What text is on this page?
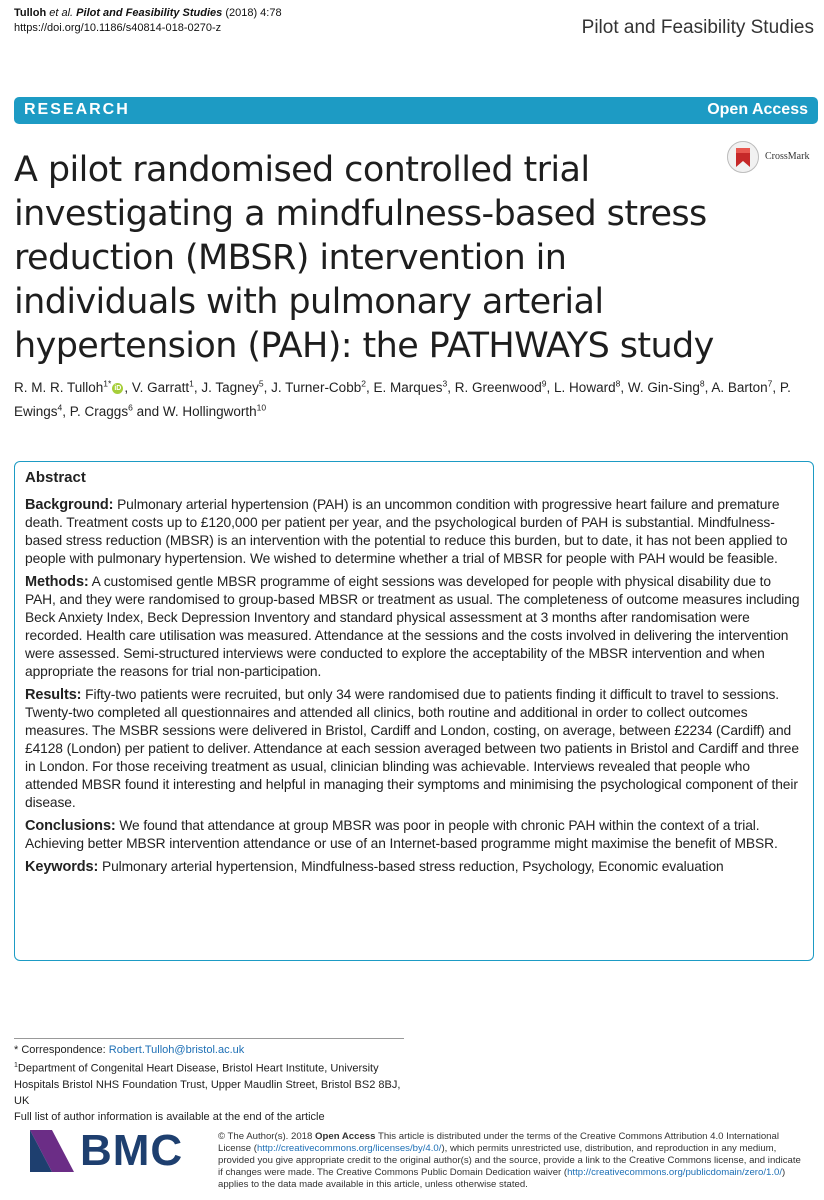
Tulloh et al. Pilot and Feasibility Studies (2018) 4:78
https://doi.org/10.1186/s40814-018-0270-z	Pilot and Feasibility Studies
RESEARCH	Open Access
CrossMark
A pilot randomised controlled trial investigating a mindfulness-based stress reduction (MBSR) intervention in individuals with pulmonary arterial hypertension (PAH): the PATHWAYS study
R. M. R. Tulloh$^{1*}$ iD , V. Garratt$^1$, J. Tagney$^5$, J. Turner-Cobb$^2$, E. Marques$^3$, R. Greenwood$^9$, L. Howard$^8$, W. Gin-Sing$^8$, A. Barton$^7$, P. Ewings$^4$, P. Craggs$^6$ and W. Hollingworth$^{10}$
Abstract

Background: Pulmonary arterial hypertension (PAH) is an uncommon condition with progressive heart failure and premature death. Treatment costs up to £120,000 per patient per year, and the psychological burden of PAH is substantial. Mindfulness-based stress reduction (MBSR) is an intervention with the potential to reduce this burden, but to date, it has not been applied to people with pulmonary hypertension. We wished to determine whether a trial of MBSR for people with PAH would be feasible.

Methods: A customised gentle MBSR programme of eight sessions was developed for people with physical disability due to PAH, and they were randomised to group-based MBSR or treatment as usual. The completeness of outcome measures including Beck Anxiety Index, Beck Depression Inventory and standard physical assessment at 3 months after randomisation were recorded. Health care utilisation was measured. Attendance at the sessions and the costs involved in delivering the intervention were assessed. Semi-structured interviews were conducted to explore the acceptability of the MBSR intervention and when appropriate the reasons for trial non-participation.

Results: Fifty-two patients were recruited, but only 34 were randomised due to patients finding it difficult to travel to sessions. Twenty-two completed all questionnaires and attended all clinics, both routine and additional in order to collect outcomes measures. The MSBR sessions were delivered in Bristol, Cardiff and London, costing, on average, between £2234 (Cardiff) and £4128 (London) per patient to deliver. Attendance at each session averaged between two patients in Bristol and Cardiff and three in London. For those receiving treatment as usual, clinician blinding was achievable. Interviews revealed that people who attended MBSR found it interesting and helpful in managing their symptoms and minimising the psychological component of their disease.

Conclusions: We found that attendance at group MBSR was poor in people with chronic PAH within the context of a trial. Achieving better MBSR intervention attendance or use of an Internet-based programme might maximise the benefit of MBSR.

Keywords: Pulmonary arterial hypertension, Mindfulness-based stress reduction, Psychology, Economic evaluation

* Correspondence: Robert.Tulloh@bristol.ac.uk

$^1$Department of Congenital Heart Disease, Bristol Heart Institute, University Hospitals Bristol NHS Foundation Trust, Upper Maudlin Street, Bristol BS2 8BJ, UK

Full list of author information is available at the end of the article

BMC	© The Author(s). 2018 Open Access This article is distributed under the terms of the Creative Commons Attribution 4.0 International License (http://creativecommons.org/licenses/by/4.0/), which permits unrestricted use, distribution, and reproduction in any medium, provided you give appropriate credit to the original author(s) and the source, provide a link to the Creative Commons license, and indicate if changes were made. The Creative Commons Public Domain Dedication waiver (http://creativecommons.org/publicdomain/zero/1.0/) applies to the data made available in this article, unless otherwise stated.
